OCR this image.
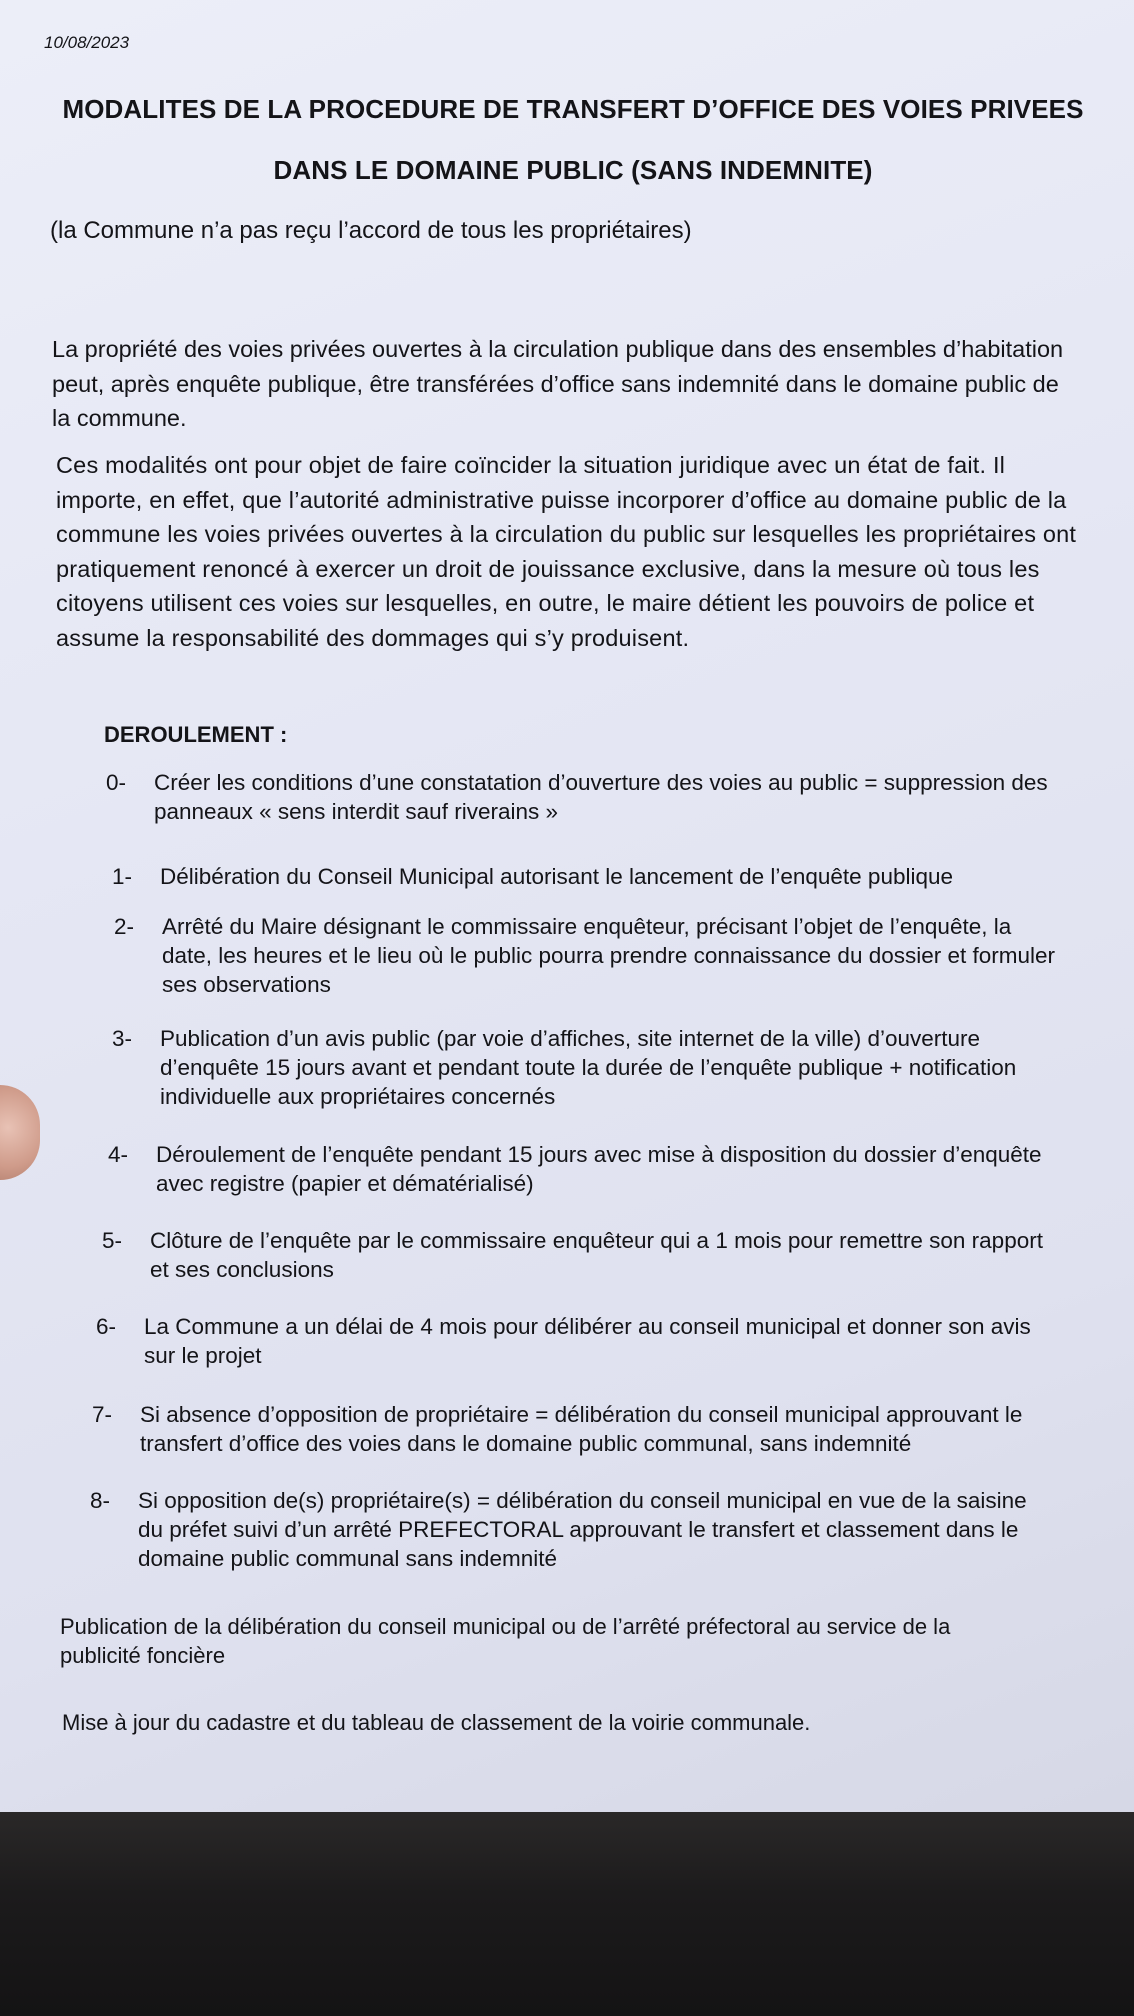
10/08/2023
MODALITES DE LA PROCEDURE DE TRANSFERT D’OFFICE DES VOIES PRIVEES
DANS LE DOMAINE PUBLIC (SANS INDEMNITE)
(la Commune n’a pas reçu l’accord de tous les propriétaires)
La propriété des voies privées ouvertes à la circulation publique dans des ensembles d’habitation
peut, après enquête publique, être transférées d’office sans indemnité dans le domaine public de
la commune.
Ces modalités ont pour objet de faire coïncider la situation juridique avec un état de fait. Il
importe, en effet, que l’autorité administrative puisse incorporer d’office au domaine public de la
commune les voies privées ouvertes à la circulation du public sur lesquelles les propriétaires ont
pratiquement renoncé à exercer un droit de jouissance exclusive, dans la mesure où tous les
citoyens utilisent ces voies sur lesquelles, en outre, le maire détient les pouvoirs de police et
assume la responsabilité des dommages qui s’y produisent.
DEROULEMENT :
0-	Créer les conditions d’une constatation d’ouverture des voies au public = suppression des
panneaux « sens interdit sauf riverains »
1-	Délibération du Conseil Municipal autorisant le lancement de l’enquête publique
2-	Arrêté du Maire désignant le commissaire enquêteur, précisant l’objet de l’enquête, la
date, les heures et le lieu où le public pourra prendre connaissance du dossier et formuler
ses observations
3-	Publication d’un avis public (par voie d’affiches, site internet de la ville) d’ouverture
d’enquête 15 jours avant et pendant toute la durée de l’enquête publique + notification
individuelle aux propriétaires concernés
4-	Déroulement de l’enquête pendant 15 jours avec mise à disposition du dossier d’enquête
avec registre (papier et dématérialisé)
5-	Clôture de l’enquête par le commissaire enquêteur qui a 1 mois pour remettre son rapport
et ses conclusions
6-	La Commune a un délai de 4 mois pour délibérer au conseil municipal et donner son avis
sur le projet
7-	Si absence d’opposition de propriétaire = délibération du conseil municipal approuvant le
transfert d’office des voies dans le domaine public communal, sans indemnité
8-	Si opposition de(s) propriétaire(s) = délibération du conseil municipal en vue de la saisine
du préfet suivi d’un arrêté PREFECTORAL approuvant le transfert et classement dans le
domaine public communal sans indemnité
Publication de la délibération du conseil municipal ou de l’arrêté préfectoral au service de la
publicité foncière
Mise à jour du cadastre et du tableau de classement de la voirie communale.
